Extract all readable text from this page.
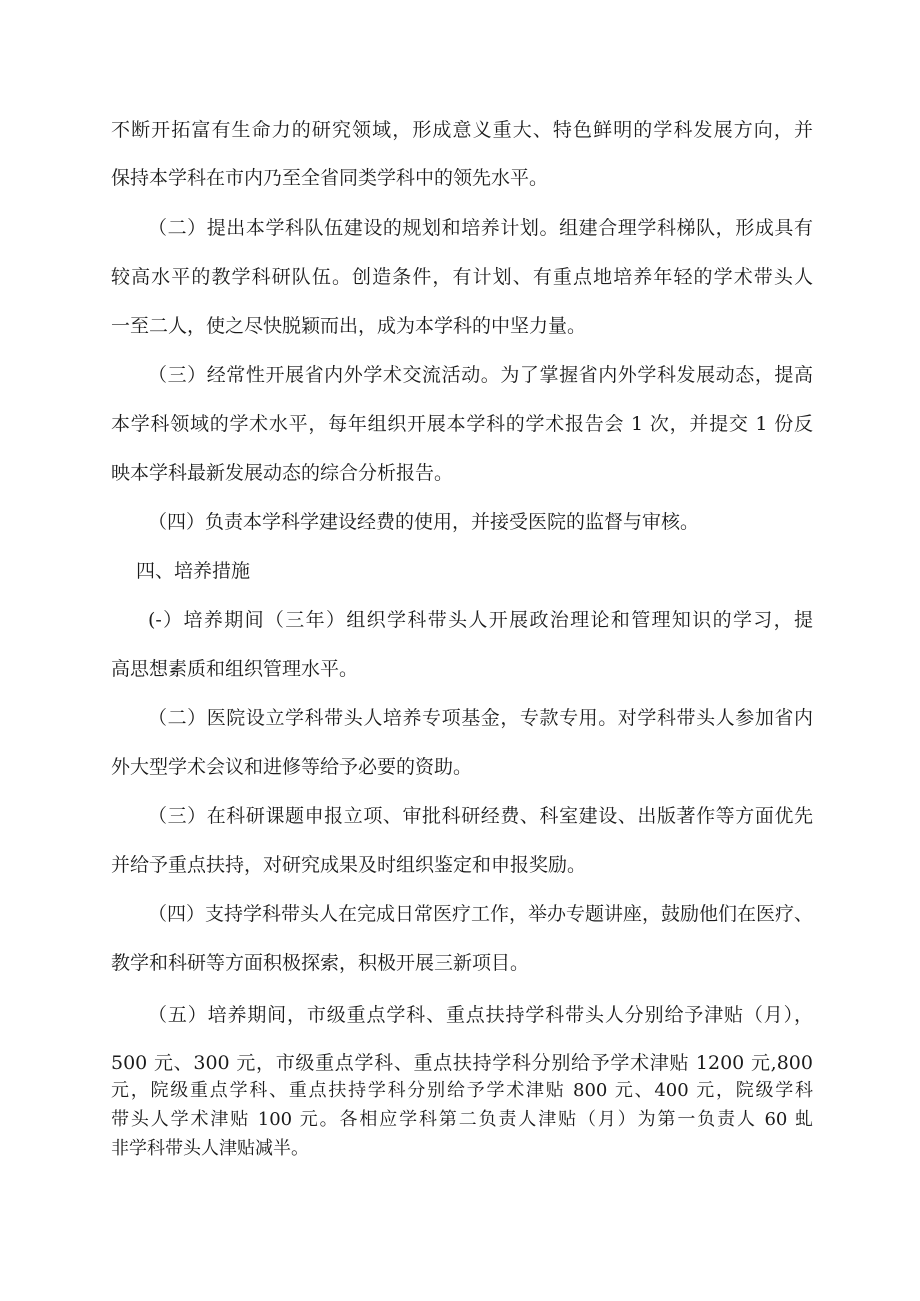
不断开拓富有生命力的研究领域，形成意义重大、特色鲜明的学科发展方向，并
保持本学科在市内乃至全省同类学科中的领先水平。
（二）提出本学科队伍建设的规划和培养计划。组建合理学科梯队，形成具有
较高水平的教学科研队伍。创造条件，有计划、有重点地培养年轻的学术带头人
一至二人，使之尽快脱颖而出，成为本学科的中坚力量。
（三）经常性开展省内外学术交流活动。为了掌握省内外学科发展动态，提高
本学科领域的学术水平，每年组织开展本学科的学术报告会 1 次，并提交 1 份反
映本学科最新发展动态的综合分析报告。
（四）负责本学科学建设经费的使用，并接受医院的监督与审核。
四、培养措施
(-）培养期间（三年）组织学科带头人开展政治理论和管理知识的学习，提
高思想素质和组织管理水平。
（二）医院设立学科带头人培养专项基金，专款专用。对学科带头人参加省内
外大型学术会议和进修等给予必要的资助。
（三）在科研课题申报立项、审批科研经费、科室建设、出版著作等方面优先
并给予重点扶持，对研究成果及时组织鉴定和申报奖励。
（四）支持学科带头人在完成日常医疗工作，举办专题讲座，鼓励他们在医疗、
教学和科研等方面积极探索，积极开展三新项目。
（五）培养期间，市级重点学科、重点扶持学科带头人分别给予津贴（月），
500 元、300 元，市级重点学科、重点扶持学科分别给予学术津贴 1200 元,800
元，院级重点学科、重点扶持学科分别给予学术津贴 800 元、400 元，院级学科
带头人学术津贴 100 元。各相应学科第二负责人津贴（月）为第一负责人 60 虬
非学科带头人津贴减半。
